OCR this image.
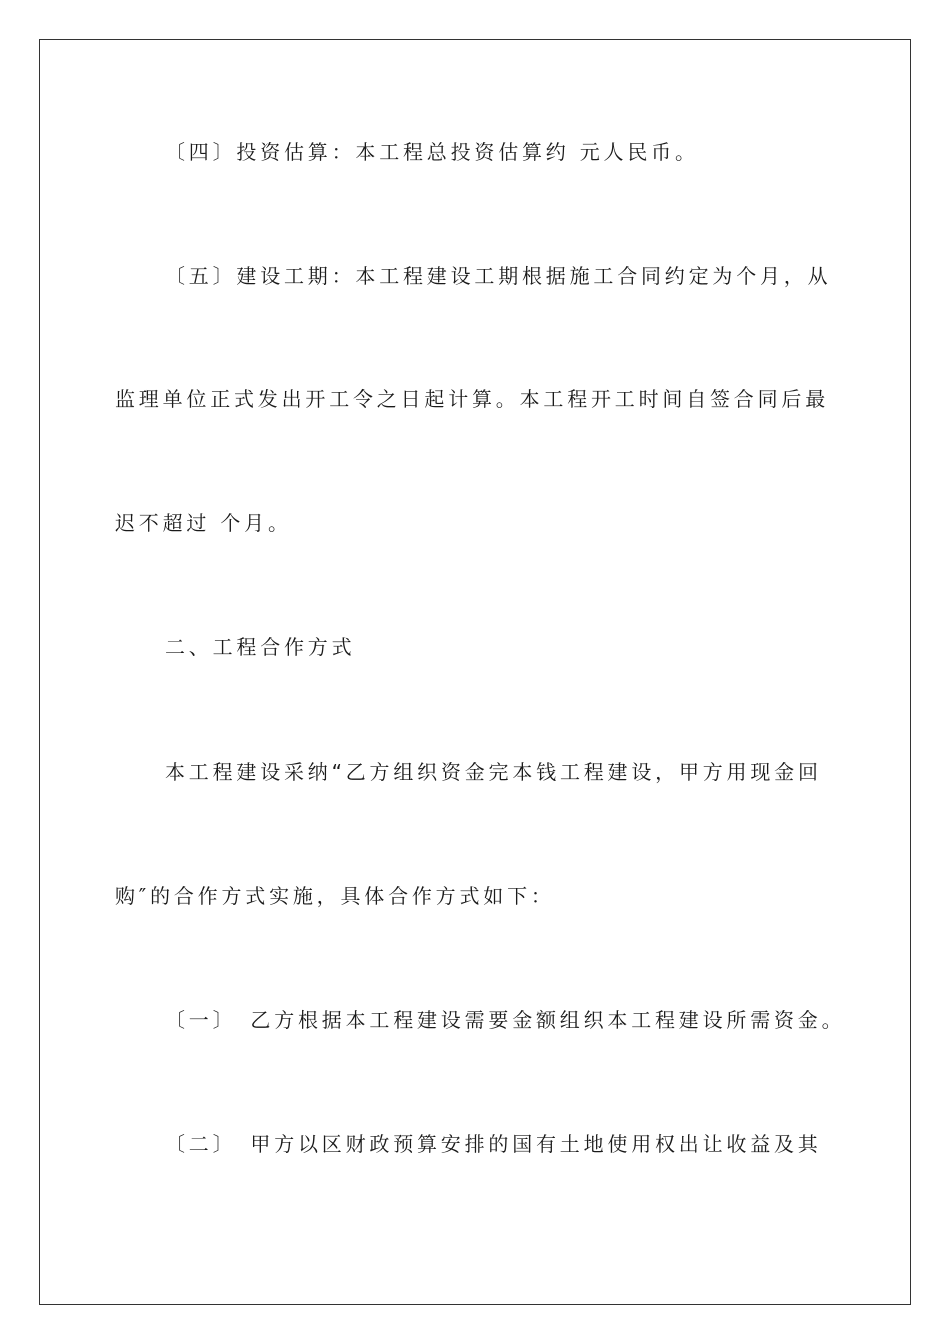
〔四〕投资估算：本工程总投资估算约 元人民币。
〔五〕建设工期：本工程建设工期根据施工合同约定为个月，从
监理单位正式发出开工令之日起计算。本工程开工时间自签合同后最
迟不超过 个月。
二、工程合作方式
本工程建设采纳“乙方组织资金完本钱工程建设，甲方用现金回
购″的合作方式实施，具体合作方式如下：
〔一〕 乙方根据本工程建设需要金额组织本工程建设所需资金。
〔二〕 甲方以区财政预算安排的国有土地使用权出让收益及其
